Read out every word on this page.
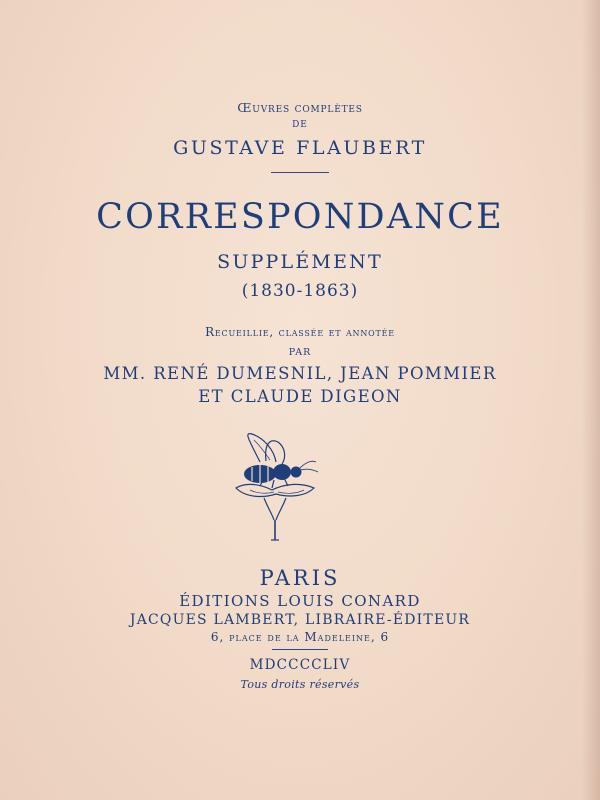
Œuvres complètes
DE
GUSTAVE FLAUBERT
CORRESPONDANCE
SUPPLÉMENT
(1830-1863)
Recueillie, classée et annotée
PAR
MM. RENÉ DUMESNIL, JEAN POMMIER
ET CLAUDE DIGEON
PARIS
ÉDITIONS LOUIS CONARD
JACQUES LAMBERT, LIBRAIRE-ÉDITEUR
6, place de la Madeleine, 6
MDCCCCLIV
Tous droits réservés
